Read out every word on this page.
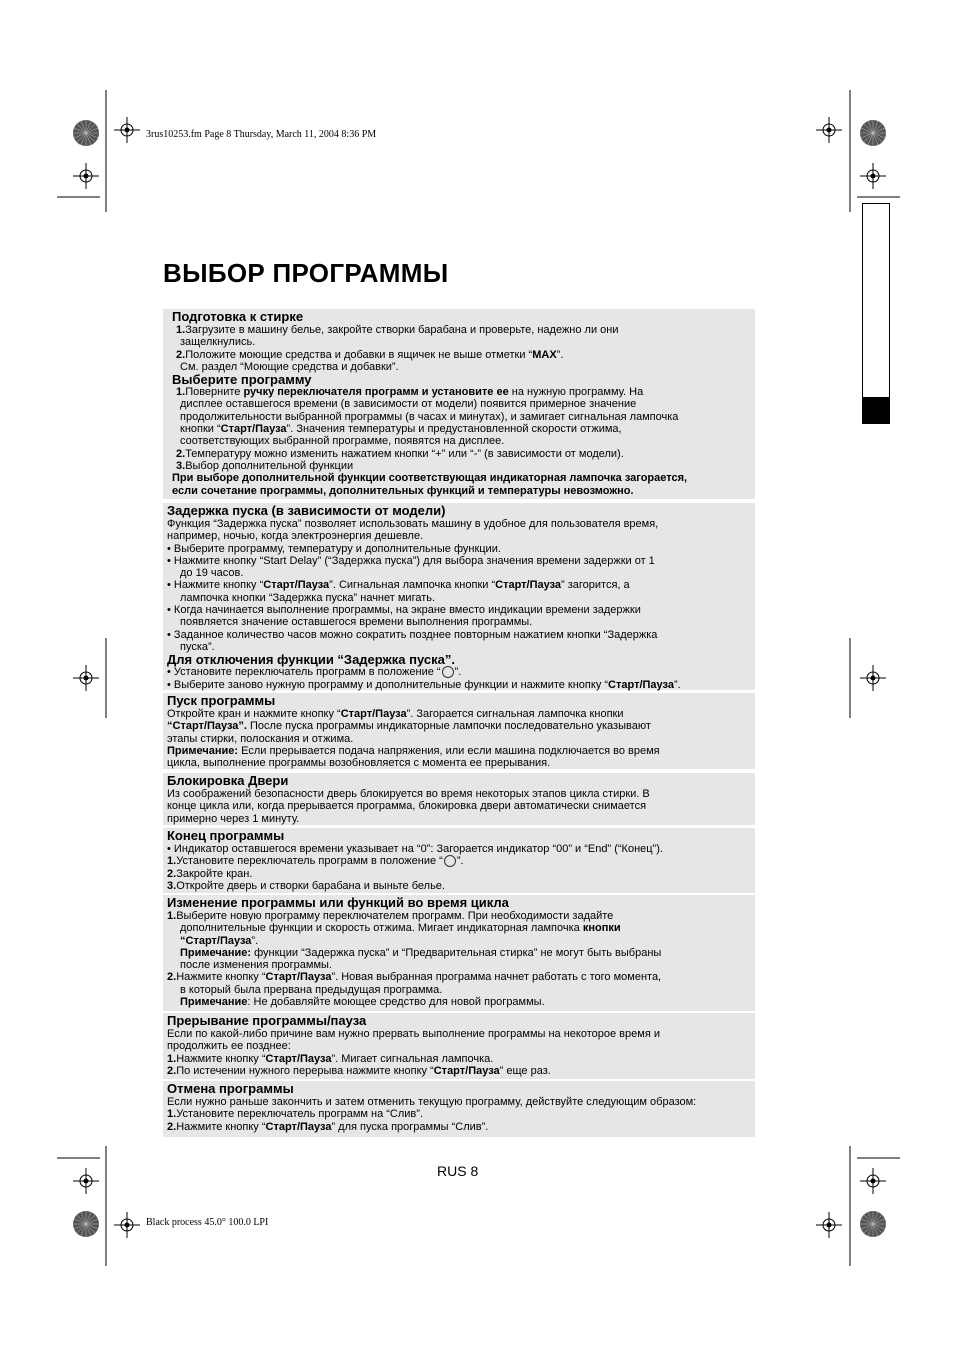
3rus10253.fm Page 8 Thursday, March 11, 2004 8:36 PM
Black process 45.0° 100.0 LPI
ВЫБОР ПРОГРАММЫ
Подготовка к стирке
1.Загрузите в машину белье, закройте створки барабана и проверьте, надежно ли они
защелкнулись.
2.Положите моющие средства и добавки в ящичек не выше отметки “MAX”.
См. раздел “Моющие средства и добавки”.
Выберите программу
1.Поверните ручку переключателя программ и установите ее на нужную программу. На
дисплее оставшегося времени (в зависимости от модели) появится примерное значение
продолжительности выбранной программы (в часах и минутах), и замигает сигнальная лампочка
кнопки “Старт/Пауза”. Значения температуры и предустановленной скорости отжима,
соответствующих выбранной программе, появятся на дисплее.
2.Температуру можно изменить нажатием кнопки “+” или “-” (в зависимости от модели).
3.Выбор дополнительной функции
При выборе дополнительной функции соответствующая индикаторная лампочка загорается,
если сочетание программы, дополнительных функций и температуры невозможно.
Задержка пуска (в зависимости от модели)
Функция “Задержка пуска” позволяет использовать машину в удобное для пользователя время,
например, ночью, когда электроэнергия дешевле.
• Выберите программу, температуру и дополнительные функции.
• Нажмите кнопку “Start Delay” (“Задержка пуска”) для выбора значения времени задержки от 1
до 19 часов.
• Нажмите кнопку “Старт/Пауза”. Сигнальная лампочка кнопки “Старт/Пауза” загорится, а
лампочка кнопки “Задержка пуска” начнет мигать.
• Когда начинается выполнение программы, на экране вместо индикации времени задержки
появляется значение оставшегося времени выполнения программы.
• Заданное количество часов можно сократить позднее повторным нажатием кнопки “Задержка
пуска”.
Для отключения функции “Задержка пуска”.
• Установите переключатель программ в положение “ ”.
• Выберите заново нужную программу и дополнительные функции и нажмите кнопку “Старт/Пауза”.
Пуск программы
Откройте кран и нажмите кнопку “Старт/Пауза”. Загорается сигнальная лампочка кнопки
“Старт/Пауза”. После пуска программы индикаторные лампочки последовательно указывают
этапы стирки, полоскания и отжима.
Примечание: Если прерывается подача напряжения, или если машина подключается во время
цикла, выполнение программы возобновляется с момента ее прерывания.
Блокировка Двери
Из соображений безопасности дверь блокируется во время некоторых этапов цикла стирки. В
конце цикла или, когда прерывается программа, блокировка двери автоматически снимается
примерно через 1 минуту.
Конец программы
• Индикатор оставшегося времени указывает на “0”: Загорается индикатор “00” и “End” (“Конец”).
1.Установите переключатель программ в положение “ ”.
2.Закройте кран.
3.Откройте дверь и створки барабана и выньте белье.
Изменение программы или функций во время цикла
1.Выберите новую программу переключателем программ. При необходимости задайте
дополнительные функции и скорость отжима. Мигает индикаторная лампочка кнопки
“Старт/Пауза”.
Примечание: функции “Задержка пуска” и “Предварительная стирка” не могут быть выбраны
после изменения программы.
2.Нажмите кнопку “Старт/Пауза”. Новая выбранная программа начнет работать с того момента,
в который была прервана предыдущая программа.
Примечание: Не добавляйте моющее средство для новой программы.
Прерывание программы/пауза
Если по какой-либо причине вам нужно прервать выполнение программы на некоторое время и
продолжить ее позднее:
1.Нажмите кнопку “Старт/Пауза”. Мигает сигнальная лампочка.
2.По истечении нужного перерыва нажмите кнопку “Старт/Пауза” еще раз.
Отмена программы
Если нужно раньше закончить и затем отменить текущую программу, действуйте следующим образом:
1.Установите переключатель программ на “Слив”.
2.Нажмите кнопку “Старт/Пауза” для пуска программы “Слив”.
RUS 8
